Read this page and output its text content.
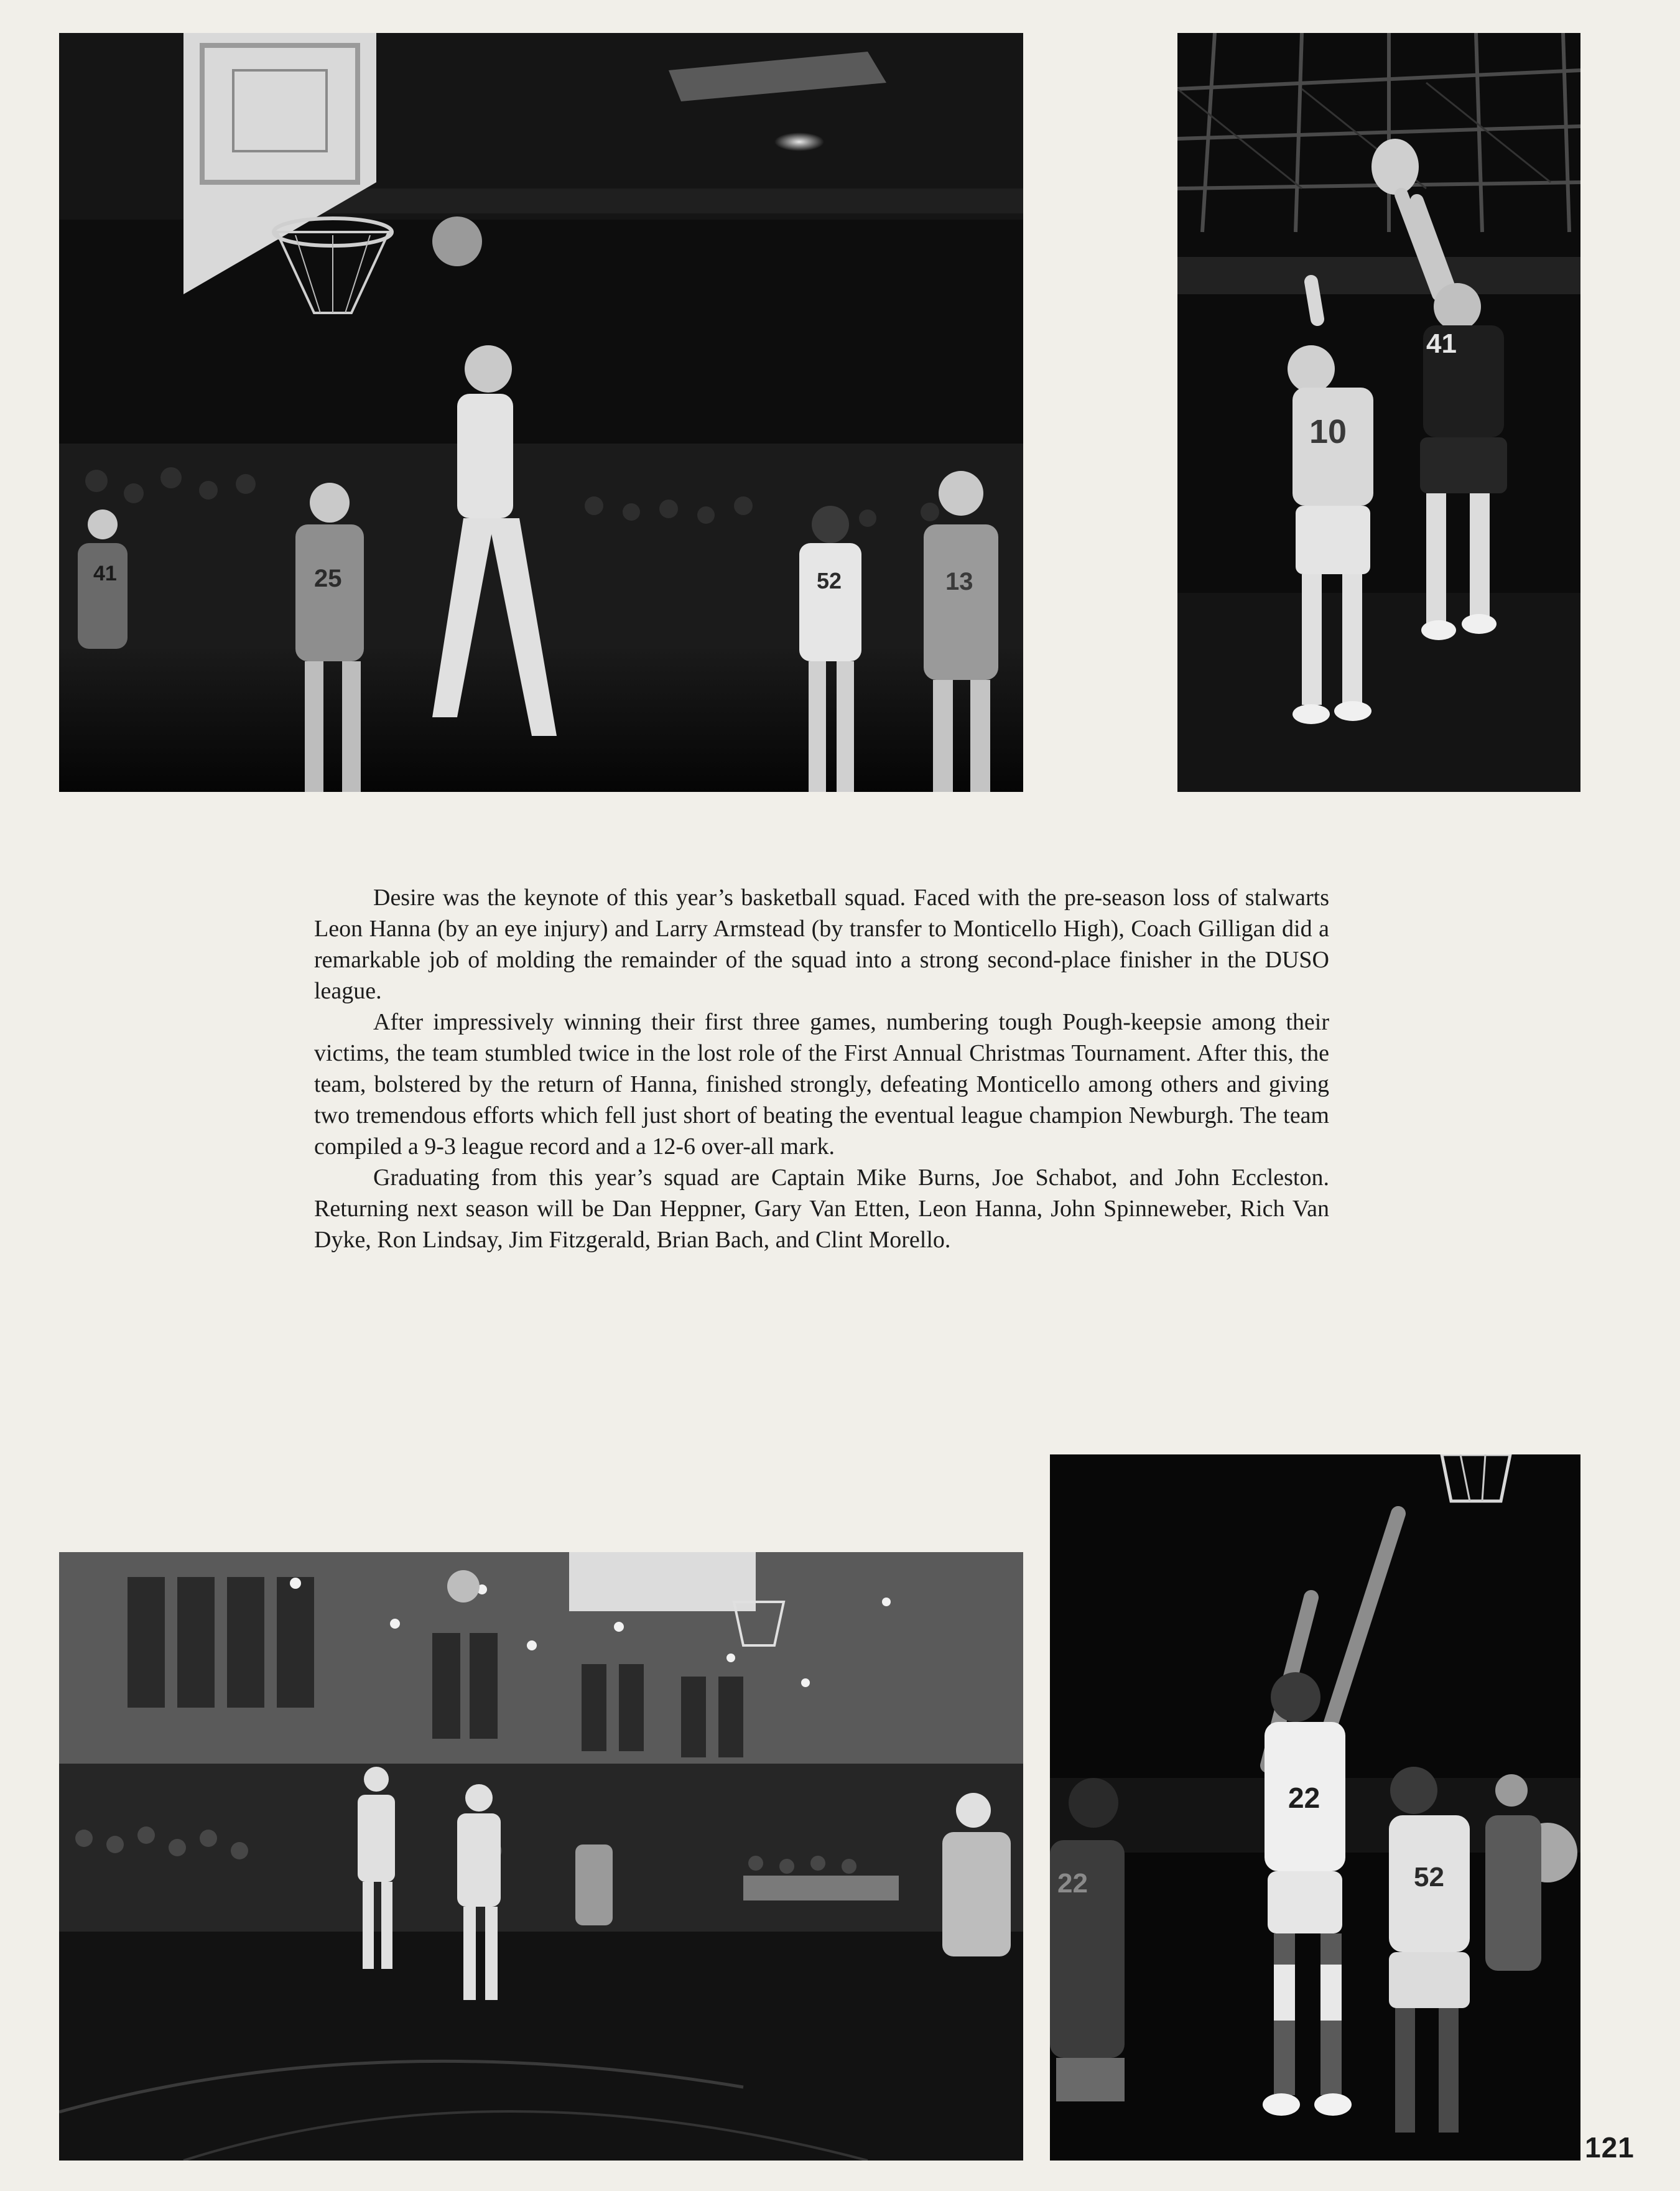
41	25	52	13
10
41

Desire was the keynote of this year’s basketball squad. Faced with the pre-season loss of stalwarts Leon Hanna (by an eye injury) and Larry Armstead (by transfer to Monticello High), Coach Gilligan did a remarkable job of molding the remainder of the squad into a strong second-place finisher in the DUSO league.

After impressively winning their first three games, numbering tough Pough-keepsie among their victims, the team stumbled twice in the lost role of the First Annual Christmas Tournament. After this, the team, bolstered by the return of Hanna, finished strongly, defeating Monticello among others and giving two tremendous efforts which fell just short of beating the eventual league champion Newburgh. The team compiled a 9-3 league record and a 12-6 over-all mark.

Graduating from this year’s squad are Captain Mike Burns, Joe Schabot, and John Eccleston. Returning next season will be Dan Heppner, Gary Van Etten, Leon Hanna, John Spinneweber, Rich Van Dyke, Ron Lindsay, Jim Fitzgerald, Brian Bach, and Clint Morello.

22
52
22
121
